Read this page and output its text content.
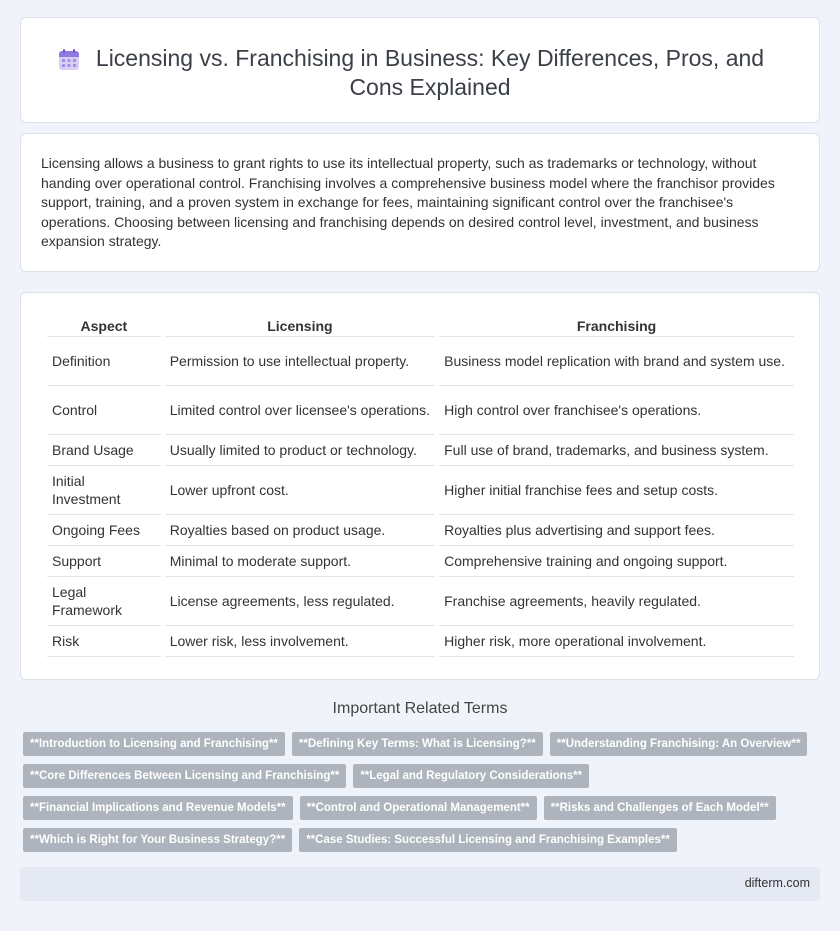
Licensing vs. Franchising in Business: Key Differences, Pros, and Cons Explained

Licensing allows a business to grant rights to use its intellectual property, such as trademarks or technology, without handing over operational control. Franchising involves a comprehensive business model where the franchisor provides support, training, and a proven system in exchange for fees, maintaining significant control over the franchisee's operations. Choosing between licensing and franchising depends on desired control level, investment, and business expansion strategy.

Aspect	Licensing	Franchising
Definition	Permission to use intellectual property.	Business model replication with brand and system use.
Control	Limited control over licensee's operations.	High control over franchisee's operations.
Brand Usage	Usually limited to product or technology.	Full use of brand, trademarks, and business system.
Initial Investment	Lower upfront cost.	Higher initial franchise fees and setup costs.
Ongoing Fees	Royalties based on product usage.	Royalties plus advertising and support fees.
Support	Minimal to moderate support.	Comprehensive training and ongoing support.
Legal Framework	License agreements, less regulated.	Franchise agreements, heavily regulated.
Risk	Lower risk, less involvement.	Higher risk, more operational involvement.
Important Related Terms
**Introduction to Licensing and Franchising**	**Defining Key Terms: What is Licensing?**	**Understanding Franchising: An Overview**
**Core Differences Between Licensing and Franchising**	**Legal and Regulatory Considerations**
**Financial Implications and Revenue Models**	**Control and Operational Management**	**Risks and Challenges of Each Model**
**Which is Right for Your Business Strategy?**	**Case Studies: Successful Licensing and Franchising Examples**
difterm.com
